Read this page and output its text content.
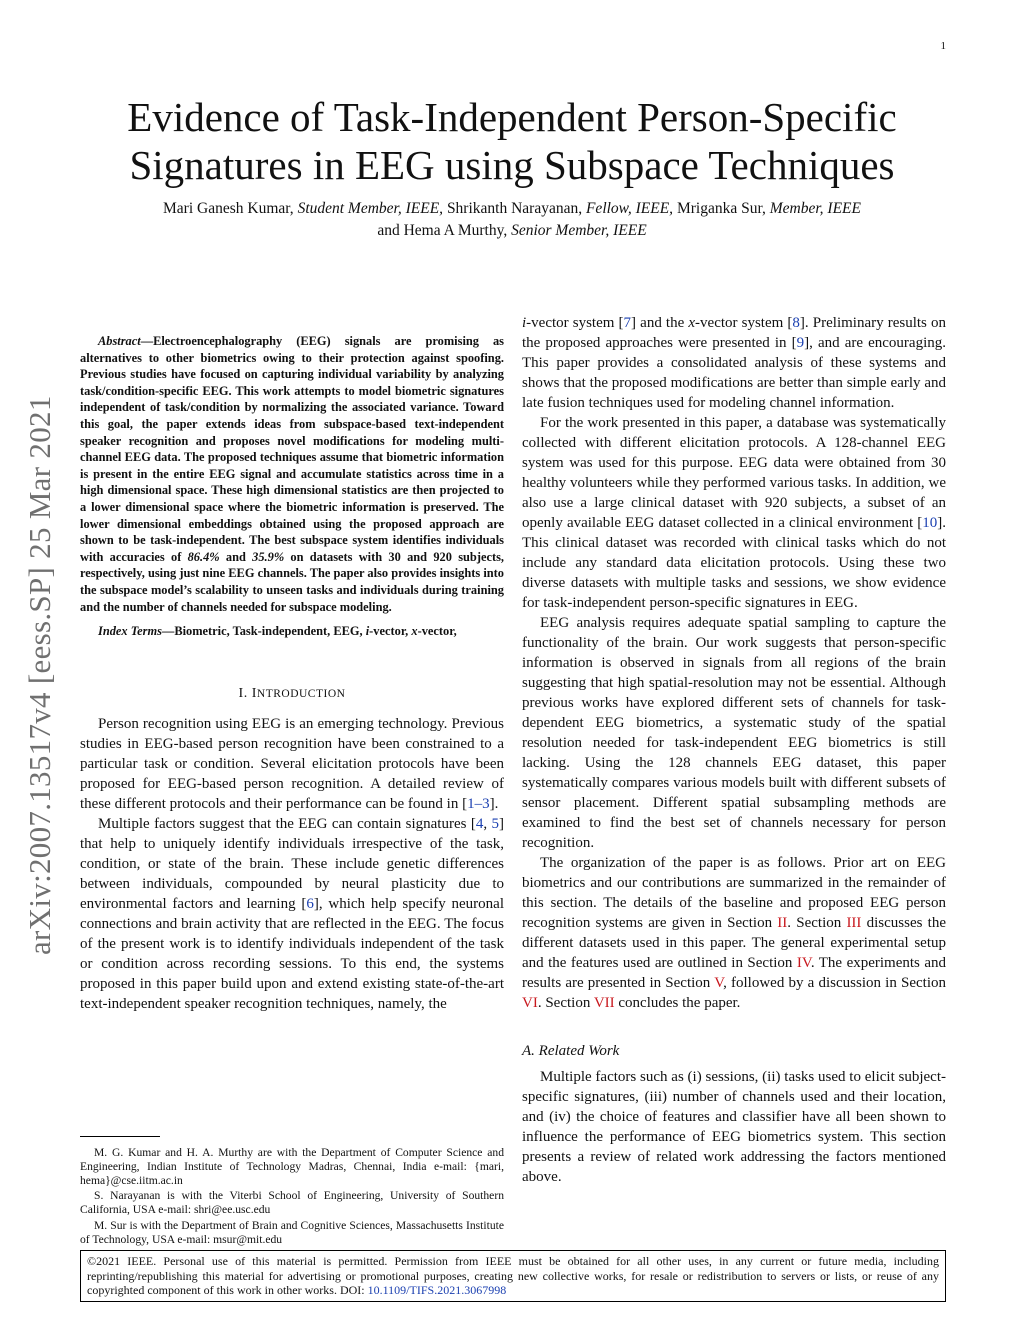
1
arXiv:2007.13517v4 [eess.SP] 25 Mar 2021
Evidence of Task-Independent Person-Specific
Signatures in EEG using Subspace Techniques
Mari Ganesh Kumar, Student Member, IEEE, Shrikanth Narayanan, Fellow, IEEE, Mriganka Sur, Member, IEEE
and Hema A Murthy, Senior Member, IEEE

Abstract—Electroencephalography (EEG) signals are promising as alternatives to other biometrics owing to their protection against spoofing. Previous studies have focused on capturing individual variability by analyzing task/condition-specific EEG. This work attempts to model biometric signatures independent of task/condition by normalizing the associated variance. Toward this goal, the paper extends ideas from subspace-based text-independent speaker recognition and proposes novel modifications for modeling multi-channel EEG data. The proposed techniques assume that biometric information is present in the entire EEG signal and accumulate statistics across time in a high dimensional space. These high dimensional statistics are then projected to a lower dimensional space where the biometric information is preserved. The lower dimensional embeddings obtained using the proposed approach are shown to be task-independent. The best subspace system identifies individuals with accuracies of 86.4% and 35.9% on datasets with 30 and 920 subjects, respectively, using just nine EEG channels. The paper also provides insights into the subspace model’s scalability to unseen tasks and individuals during training and the number of channels needed for subspace modeling.

Index Terms—Biometric, Task-independent, EEG, i-vector, x-vector,

I. INTRODUCTION

Person recognition using EEG is an emerging technology. Previous studies in EEG-based person recognition have been constrained to a particular task or condition. Several elicitation protocols have been proposed for EEG-based person recognition. A detailed review of these different protocols and their performance can be found in [1–3].

Multiple factors suggest that the EEG can contain signatures [4, 5] that help to uniquely identify individuals irrespective of the task, condition, or state of the brain. These include genetic differences between individuals, compounded by neural plasticity due to environmental factors and learning [6], which help specify neuronal connections and brain activity that are reflected in the EEG. The focus of the present work is to identify individuals independent of the task or condition across recording sessions. To this end, the systems proposed in this paper build upon and extend existing state-of-the-art text-independent speaker recognition techniques, namely, the

M. G. Kumar and H. A. Murthy are with the Department of Computer Science and Engineering, Indian Institute of Technology Madras, Chennai, India e-mail: {mari, hema}@cse.iitm.ac.in

S. Narayanan is with the Viterbi School of Engineering, University of Southern California, USA e-mail: shri@ee.usc.edu

M. Sur is with the Department of Brain and Cognitive Sciences, Massachusetts Institute of Technology, USA e-mail: msur@mit.edu

i-vector system [7] and the x-vector system [8]. Preliminary results on the proposed approaches were presented in [9], and are encouraging. This paper provides a consolidated analysis of these systems and shows that the proposed modifications are better than simple early and late fusion techniques used for modeling channel information.

For the work presented in this paper, a database was systematically collected with different elicitation protocols. A 128-channel EEG system was used for this purpose. EEG data were obtained from 30 healthy volunteers while they performed various tasks. In addition, we also use a large clinical dataset with 920 subjects, a subset of an openly available EEG dataset collected in a clinical environment [10]. This clinical dataset was recorded with clinical tasks which do not include any standard data elicitation protocols. Using these two diverse datasets with multiple tasks and sessions, we show evidence for task-independent person-specific signatures in EEG.

EEG analysis requires adequate spatial sampling to capture the functionality of the brain. Our work suggests that person-specific information is observed in signals from all regions of the brain suggesting that high spatial-resolution may not be essential. Although previous works have explored different sets of channels for task-dependent EEG biometrics, a systematic study of the spatial resolution needed for task-independent EEG biometrics is still lacking. Using the 128 channels EEG dataset, this paper systematically compares various models built with different subsets of sensor placement. Different spatial subsampling methods are examined to find the best set of channels necessary for person recognition.

The organization of the paper is as follows. Prior art on EEG biometrics and our contributions are summarized in the remainder of this section. The details of the baseline and proposed EEG person recognition systems are given in Section II. Section III discusses the different datasets used in this paper. The general experimental setup and the features used are outlined in Section IV. The experiments and results are presented in Section V, followed by a discussion in Section VI. Section VII concludes the paper.

A. Related Work

Multiple factors such as (i) sessions, (ii) tasks used to elicit subject-specific signatures, (iii) number of channels used and their location, and (iv) the choice of features and classifier have all been shown to influence the performance of EEG biometrics system. This section presents a review of related work addressing the factors mentioned above.

©2021 IEEE. Personal use of this material is permitted. Permission from IEEE must be obtained for all other uses, in any current or future media, including reprinting/republishing this material for advertising or promotional purposes, creating new collective works, for resale or redistribution to servers or lists, or reuse of any copyrighted component of this work in other works. DOI: 10.1109/TIFS.2021.3067998
